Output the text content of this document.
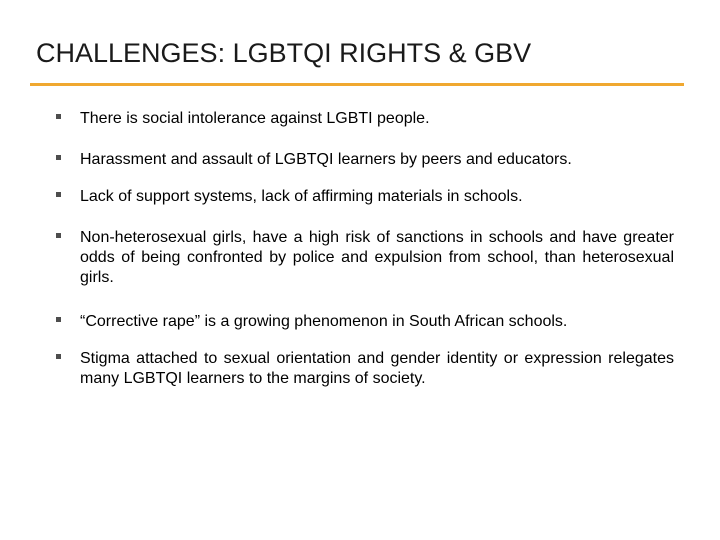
CHALLENGES: LGBTQI RIGHTS & GBV
There is social intolerance against LGBTI people.
Harassment and assault of LGBTQI learners by peers and educators.
Lack of support systems, lack of affirming materials in schools.
Non-heterosexual girls, have a high risk of sanctions in schools and have greater odds of being confronted by police and expulsion from school, than heterosexual girls.
“Corrective rape” is a growing phenomenon in South African schools.
Stigma attached to sexual orientation and gender identity or expression relegates many LGBTQI learners to the margins of society.
